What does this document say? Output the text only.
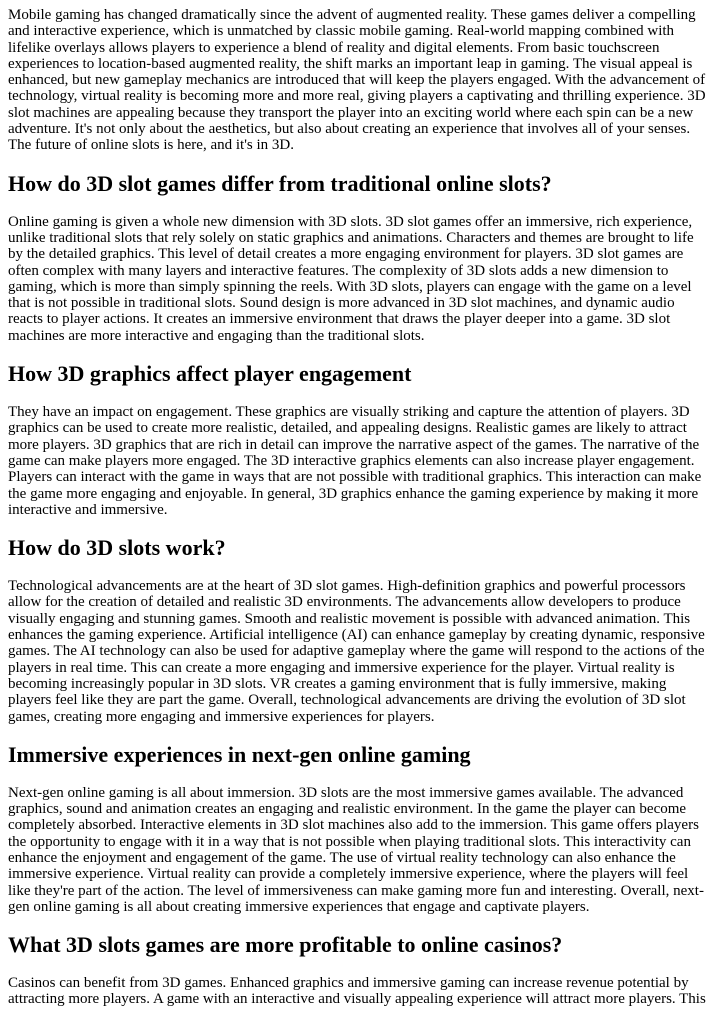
Mobile gaming has changed dramatically since the advent of augmented reality. These games deliver a compelling and interactive experience, which is unmatched by classic mobile gaming. Real-world mapping combined with lifelike overlays allows players to experience a blend of reality and digital elements. From basic touchscreen experiences to location-based augmented reality, the shift marks an important leap in gaming. The visual appeal is enhanced, but new gameplay mechanics are introduced that will keep the players engaged. With the advancement of technology, virtual reality is becoming more and more real, giving players a captivating and thrilling experience. 3D slot machines are appealing because they transport the player into an exciting world where each spin can be a new adventure. It's not only about the aesthetics, but also about creating an experience that involves all of your senses. The future of online slots is here, and it's in 3D.

How do 3D slot games differ from traditional online slots?

Online gaming is given a whole new dimension with 3D slots. 3D slot games offer an immersive, rich experience, unlike traditional slots that rely solely on static graphics and animations. Characters and themes are brought to life by the detailed graphics. This level of detail creates a more engaging environment for players. 3D slot games are often complex with many layers and interactive features. The complexity of 3D slots adds a new dimension to gaming, which is more than simply spinning the reels. With 3D slots, players can engage with the game on a level that is not possible in traditional slots. Sound design is more advanced in 3D slot machines, and dynamic audio reacts to player actions. It creates an immersive environment that draws the player deeper into a game. 3D slot machines are more interactive and engaging than the traditional slots.

How 3D graphics affect player engagement

They have an impact on engagement. These graphics are visually striking and capture the attention of players. 3D graphics can be used to create more realistic, detailed, and appealing designs. Realistic games are likely to attract more players. 3D graphics that are rich in detail can improve the narrative aspect of the games. The narrative of the game can make players more engaged. The 3D interactive graphics elements can also increase player engagement. Players can interact with the game in ways that are not possible with traditional graphics. This interaction can make the game more engaging and enjoyable. In general, 3D graphics enhance the gaming experience by making it more interactive and immersive.

How do 3D slots work?

Technological advancements are at the heart of 3D slot games. High-definition graphics and powerful processors allow for the creation of detailed and realistic 3D environments. The advancements allow developers to produce visually engaging and stunning games. Smooth and realistic movement is possible with advanced animation. This enhances the gaming experience. Artificial intelligence (AI) can enhance gameplay by creating dynamic, responsive games. The AI technology can also be used for adaptive gameplay where the game will respond to the actions of the players in real time. This can create a more engaging and immersive experience for the player. Virtual reality is becoming increasingly popular in 3D slots. VR creates a gaming environment that is fully immersive, making players feel like they are part the game. Overall, technological advancements are driving the evolution of 3D slot games, creating more engaging and immersive experiences for players.

Immersive experiences in next-gen online gaming

Next-gen online gaming is all about immersion. 3D slots are the most immersive games available. The advanced graphics, sound and animation creates an engaging and realistic environment. In the game the player can become completely absorbed. Interactive elements in 3D slot machines also add to the immersion. This game offers players the opportunity to engage with it in a way that is not possible when playing traditional slots. This interactivity can enhance the enjoyment and engagement of the game. The use of virtual reality technology can also enhance the immersive experience. Virtual reality can provide a completely immersive experience, where the players will feel like they're part of the action. The level of immersiveness can make gaming more fun and interesting. Overall, next-gen online gaming is all about creating immersive experiences that engage and captivate players.

What 3D slots games are more profitable to online casinos?

Casinos can benefit from 3D games. Enhanced graphics and immersive gaming can increase revenue potential by attracting more players. A game with an interactive and visually appealing experience will attract more players. This
